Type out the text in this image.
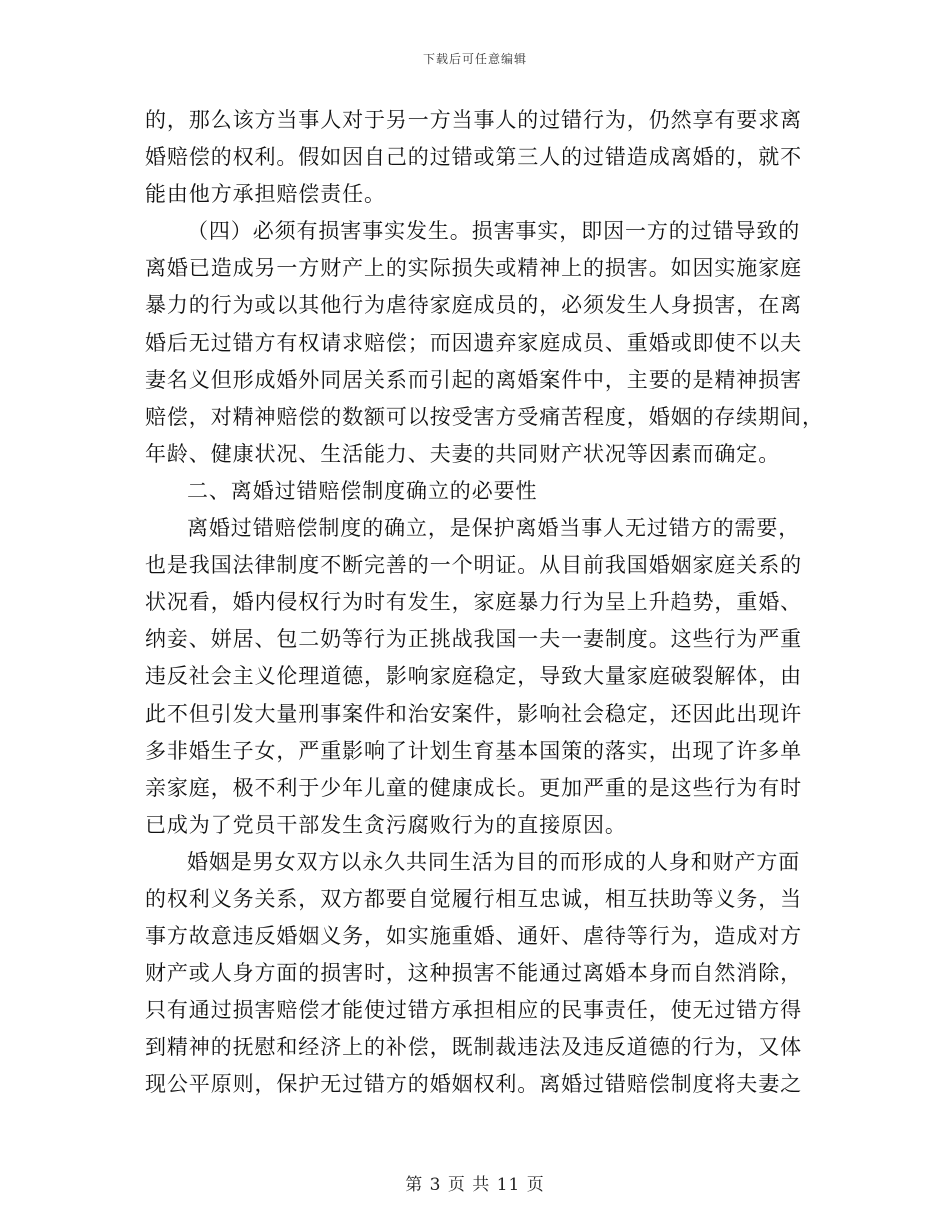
下载后可任意编辑
的，那么该方当事人对于另一方当事人的过错行为，仍然享有要求离
婚赔偿的权利。假如因自己的过错或第三人的过错造成离婚的，就不
能由他方承担赔偿责任。
（四）必须有损害事实发生。损害事实，即因一方的过错导致的
离婚已造成另一方财产上的实际损失或精神上的损害。如因实施家庭
暴力的行为或以其他行为虐待家庭成员的，必须发生人身损害，在离
婚后无过错方有权请求赔偿；而因遗弃家庭成员、重婚或即使不以夫
妻名义但形成婚外同居关系而引起的离婚案件中，主要的是精神损害
赔偿，对精神赔偿的数额可以按受害方受痛苦程度，婚姻的存续期间，
年龄、健康状况、生活能力、夫妻的共同财产状况等因素而确定。
二、离婚过错赔偿制度确立的必要性
离婚过错赔偿制度的确立，是保护离婚当事人无过错方的需要，
也是我国法律制度不断完善的一个明证。从目前我国婚姻家庭关系的
状况看，婚内侵权行为时有发生，家庭暴力行为呈上升趋势，重婚、
纳妾、姘居、包二奶等行为正挑战我国一夫一妻制度。这些行为严重
违反社会主义伦理道德，影响家庭稳定，导致大量家庭破裂解体，由
此不但引发大量刑事案件和治安案件，影响社会稳定，还因此出现许
多非婚生子女，严重影响了计划生育基本国策的落实，出现了许多单
亲家庭，极不利于少年儿童的健康成长。更加严重的是这些行为有时
已成为了党员干部发生贪污腐败行为的直接原因。
婚姻是男女双方以永久共同生活为目的而形成的人身和财产方面
的权利义务关系，双方都要自觉履行相互忠诚，相互扶助等义务，当
事方故意违反婚姻义务，如实施重婚、通奸、虐待等行为，造成对方
财产或人身方面的损害时，这种损害不能通过离婚本身而自然消除，
只有通过损害赔偿才能使过错方承担相应的民事责任，使无过错方得
到精神的抚慰和经济上的补偿，既制裁违法及违反道德的行为，又体
现公平原则，保护无过错方的婚姻权利。离婚过错赔偿制度将夫妻之
第 3 页 共 11 页
